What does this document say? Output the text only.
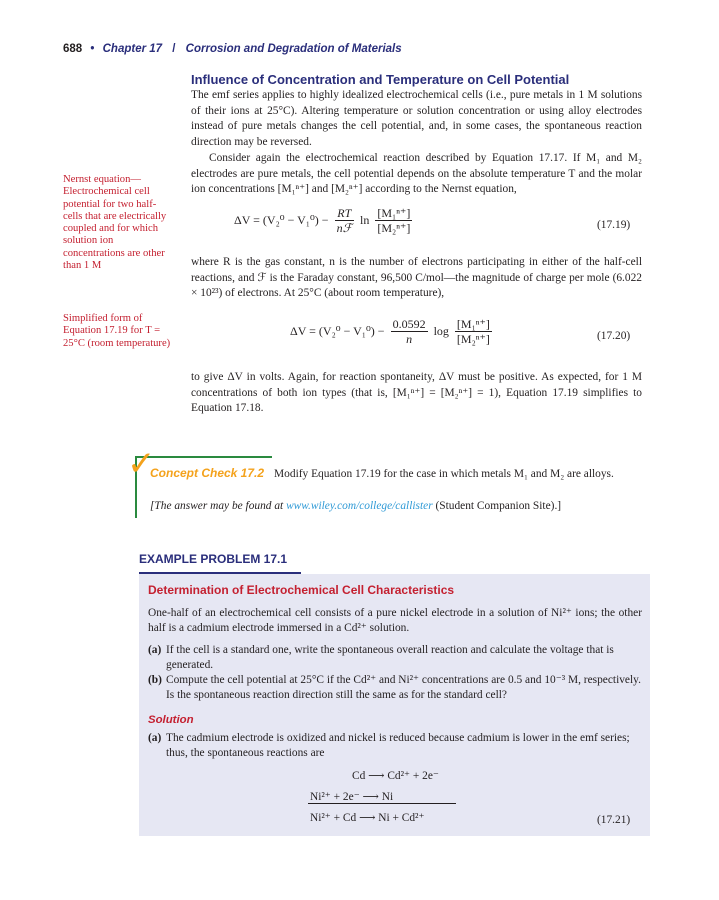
688 • Chapter 17 / Corrosion and Degradation of Materials
Influence of Concentration and Temperature on Cell Potential
The emf series applies to highly idealized electrochemical cells (i.e., pure metals in 1 M solutions of their ions at 25°C). Altering temperature or solution concentration or using alloy electrodes instead of pure metals changes the cell potential, and, in some cases, the spontaneous reaction direction may be reversed.
Consider again the electrochemical reaction described by Equation 17.17. If M₁ and M₂ electrodes are pure metals, the cell potential depends on the absolute temperature T and the molar ion concentrations [M₁ⁿ⁺] and [M₂ⁿ⁺] according to the Nernst equation,
Nernst equation—Electrochemical cell potential for two half-cells that are electrically coupled and for which solution ion concentrations are other than 1 M
Simplified form of Equation 17.19 for T = 25°C (room temperature)
$\Delta V = (V_2^0 - V_1^0) - \frac{RT}{\text{nℱ}}$ $\ln \frac{\text{[M₁ⁿ⁺]}}{\text{[M₂ⁿ⁺]}}$	(17.19)
where R is the gas constant, n is the number of electrons participating in either of the half-cell reactions, and ℱ is the Faraday constant, 96,500 C/mol—the magnitude of charge per mole (6.022 × 10²³) of electrons. At 25°C (about room temperature),
$\Delta V = (V_2^0 - V_1^0) - \frac{0.0592}{n}$ $\log \frac{\text{[M₁ⁿ⁺]}}{\text{[M₂ⁿ⁺]}}$	(17.20)
to give ΔV in volts. Again, for reaction spontaneity, ΔV must be positive. As expected, for 1 M concentrations of both ion types (that is, [M₁ⁿ⁺] = [M₂ⁿ⁺] = 1), Equation 17.19 simplifies to Equation 17.18.
✓
Concept Check 17.2 Modify Equation 17.19 for the case in which metals M₁ and M₂ are alloys.
[The answer may be found at www.wiley.com/college/callister (Student Companion Site).]
EXAMPLE PROBLEM 17.1
Determination of Electrochemical Cell Characteristics
One-half of an electrochemical cell consists of a pure nickel electrode in a solution of Ni²⁺ ions; the other half is a cadmium electrode immersed in a Cd²⁺ solution.
(a) If the cell is a standard one, write the spontaneous overall reaction and calculate the voltage that is generated.
(b) Compute the cell potential at 25°C if the Cd²⁺ and Ni²⁺ concentrations are 0.5 and 10⁻³ M, respectively. Is the spontaneous reaction direction still the same as for the standard cell?
Solution
(a) The cadmium electrode is oxidized and nickel is reduced because cadmium is lower in the emf series; thus, the spontaneous reactions are
Cd ⟶ Cd²⁺ + 2e⁻
Ni²⁺ + 2e⁻ ⟶ Ni
Ni²⁺ + Cd ⟶ Ni + Cd²⁺	(17.21)
